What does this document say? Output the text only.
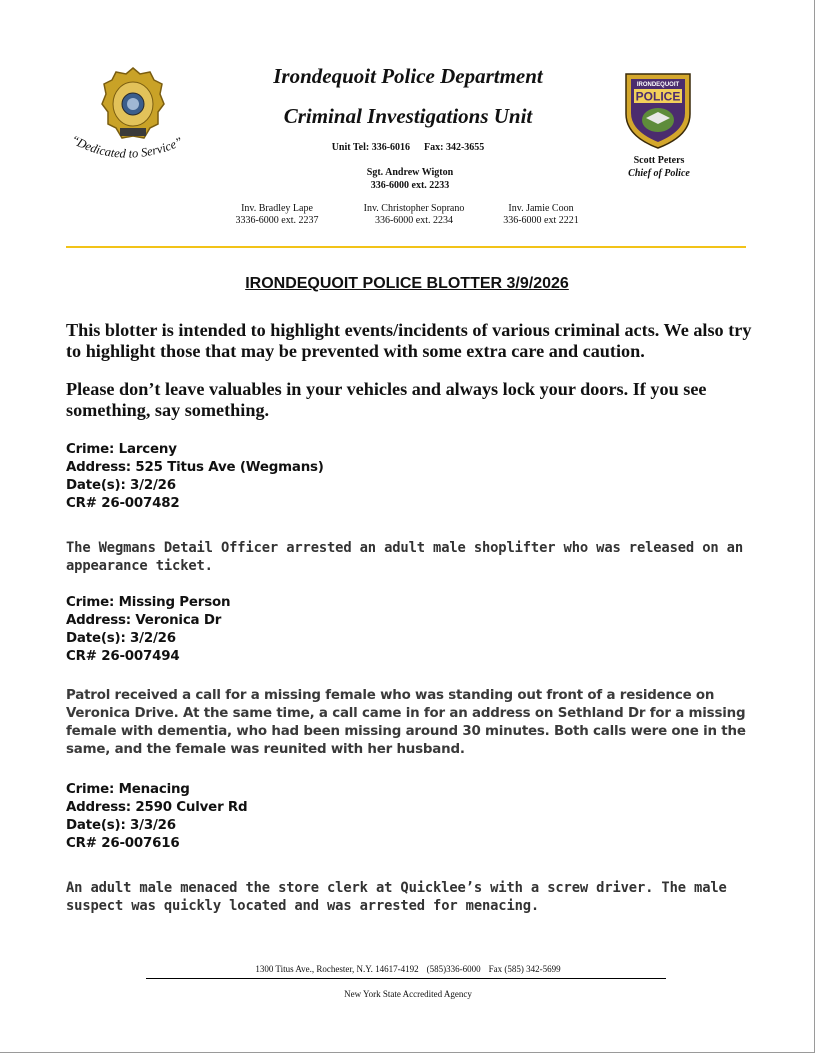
“Dedicated to Service”
Irondequoit Police Department
Criminal Investigations Unit
Unit Tel: 336-6016 Fax: 342-3655
Sgt. Andrew Wigton
336-6000 ext. 2233
Inv. Bradley Lape
3336-6000 ext. 2237
Inv. Christopher Soprano
336-6000 ext. 2234
Inv. Jamie Coon
336-6000 ext 2221
IRONDEQUOIT
POLICE
Scott Peters
Chief of Police
IRONDEQUOIT POLICE BLOTTER 3/9/2026
This blotter is intended to highlight events/incidents of various criminal acts. We also try to highlight those that may be prevented with some extra care and caution.
Please don’t leave valuables in your vehicles and always lock your doors. If you see something, say something.
Crime: Larceny
Address: 525 Titus Ave (Wegmans)
Date(s): 3/2/26
CR# 26-007482
The Wegmans Detail Officer arrested an adult male shoplifter who was released on an appearance ticket.
Crime: Missing Person
Address: Veronica Dr
Date(s): 3/2/26
CR# 26-007494
Patrol received a call for a missing female who was standing out front of a residence on Veronica Drive. At the same time, a call came in for an address on Sethland Dr for a missing female with dementia, who had been missing around 30 minutes. Both calls were one in the same, and the female was reunited with her husband.
Crime: Menacing
Address: 2590 Culver Rd
Date(s): 3/3/26
CR# 26-007616
An adult male menaced the store clerk at Quicklee’s with a screw driver. The male suspect was quickly located and was arrested for menacing.
1300 Titus Ave., Rochester, N.Y. 14617-4192 (585)336-6000 Fax (585) 342-5699
New York State Accredited Agency
